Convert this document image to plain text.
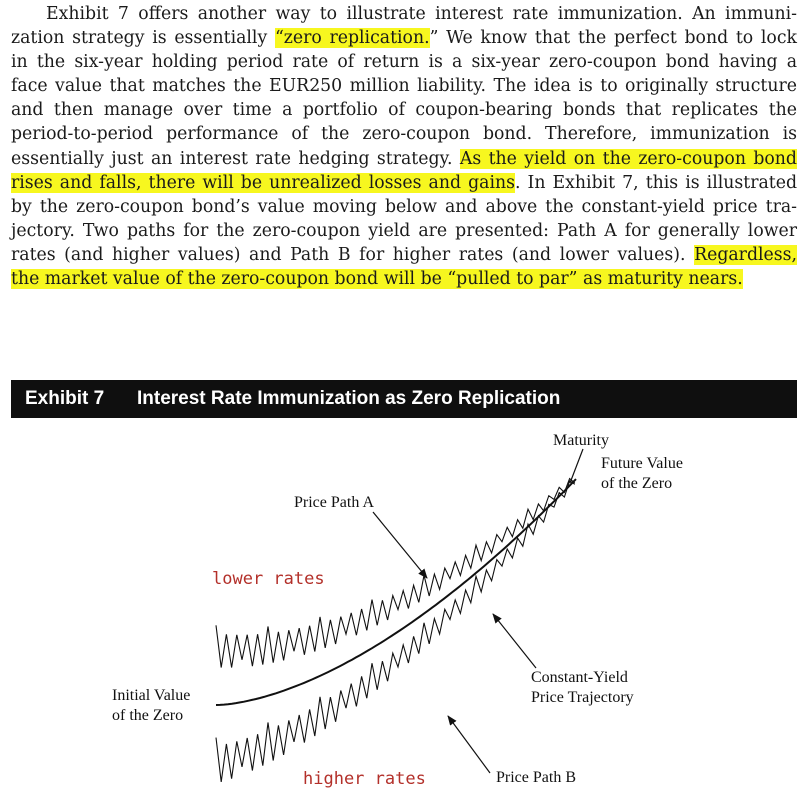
Exhibit 7 offers another way to illustrate interest rate immunization. An immuni-
zation strategy is essentially “zero replication.” We know that the perfect bond to lock
in the six-year holding period rate of return is a six-year zero-coupon bond having a
face value that matches the EUR250 million liability. The idea is to originally structure
and then manage over time a portfolio of coupon-bearing bonds that replicates the
period-to-period performance of the zero-coupon bond. Therefore, immunization is
essentially just an interest rate hedging strategy. As the yield on the zero-coupon bond
rises and falls, there will be unrealized losses and gains. In Exhibit 7, this is illustrated
by the zero-coupon bond’s value moving below and above the constant-yield price tra-
jectory. Two paths for the zero-coupon yield are presented: Path A for generally lower
rates (and higher values) and Path B for higher rates (and lower values). Regardless,
the market value of the zero-coupon bond will be “pulled to par” as maturity nears.
Exhibit 7 Interest Rate Immunization as Zero Replication
Maturity
Future Value
of the Zero
Price Path A
lower rates
Initial Value
of the Zero
Constant-Yield
Price Trajectory
higher rates	Price Path B
